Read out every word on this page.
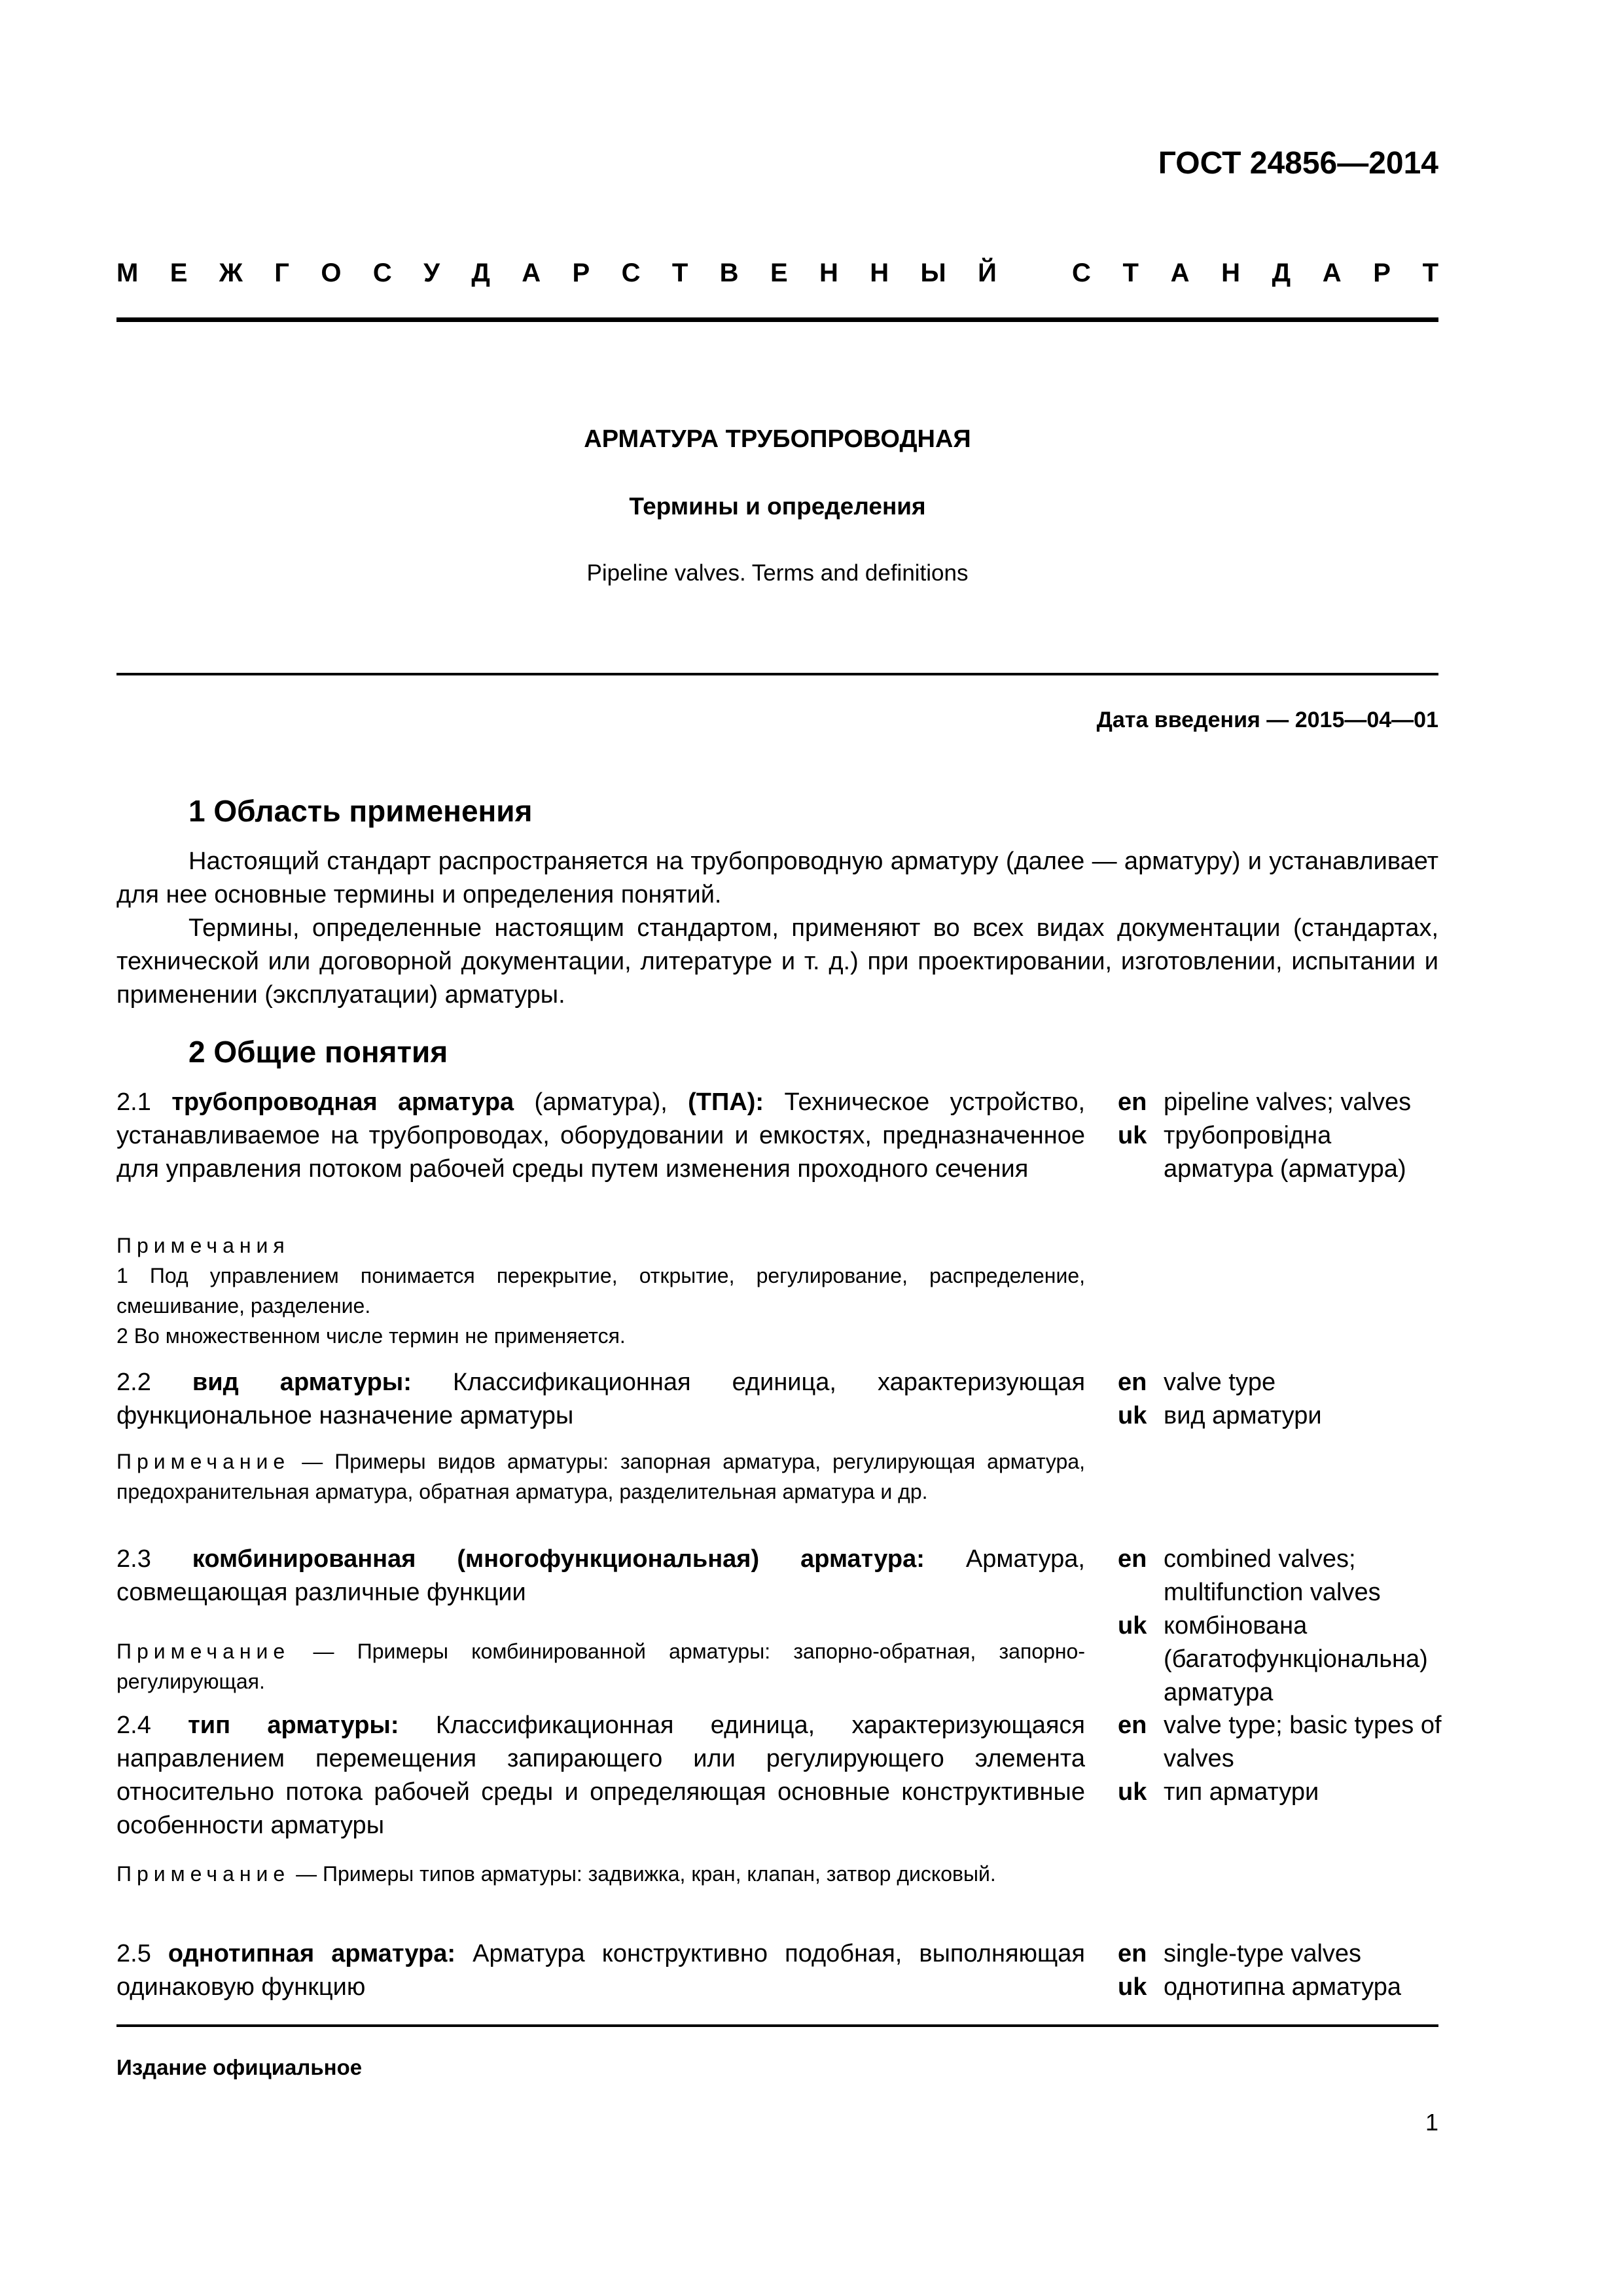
ГОСТ 24856—2014
М Е Ж Г О С У Д А Р С Т В Е Н Н Ы Й	С Т А Н Д А Р Т
АРМАТУРА ТРУБОПРОВОДНАЯ
Термины и определения
Pipeline valves. Terms and definitions
Дата введения — 2015—04—01
1 Область применения
Настоящий стандарт распространяется на трубопроводную арматуру (далее — арматуру) и устанавливает для нее основные термины и определения понятий.
Термины, определенные настоящим стандартом, применяют во всех видах документации (стандартах, технической или договорной документации, литературе и т. д.) при проектировании, изготовлении, испытании и применении (эксплуатации) арматуры.
2 Общие понятия
2.1 трубопроводная арматура (арматура), (ТПА): Техническое устройство, устанавливаемое на трубопроводах, оборудовании и емкостях, предназначенное для управления потоком рабочей среды путем изменения проходного сечения
Примечания
1 Под управлением понимается перекрытие, открытие, регулирование, распределение, смешивание, разделение.
2 Во множественном числе термин не применяется.
en pipeline valves; valves
uk трубопровідна арматура (арматура)
2.2 вид арматуры: Классификационная единица, характеризующая функциональное назначение арматуры
Примечание — Примеры видов арматуры: запорная арматура, регулирующая арматура, предохранительная арматура, обратная арматура, разделительная арматура и др.
en valve type
uk вид арматури
2.3 комбинированная (многофункциональная) арматура: Арматура, совмещающая различные функции
Примечание — Примеры комбинированной арматуры: запорно-обратная, запорно-регулирующая.
en combined valves; multifunction valves
uk комбінована (багатофункціональна) арматура
2.4 тип арматуры: Классификационная единица, характеризующаяся направлением перемещения запирающего или регулирующего элемента относительно потока рабочей среды и определяющая основные конструктивные особенности арматуры
Примечание — Примеры типов арматуры: задвижка, кран, клапан, затвор дисковый.
en valve type; basic types of valves
uk тип арматури
2.5 однотипная арматура: Арматура конструктивно подобная, выполняющая одинаковую функцию
en single-type valves
uk однотипна арматура
Издание официальное
1
